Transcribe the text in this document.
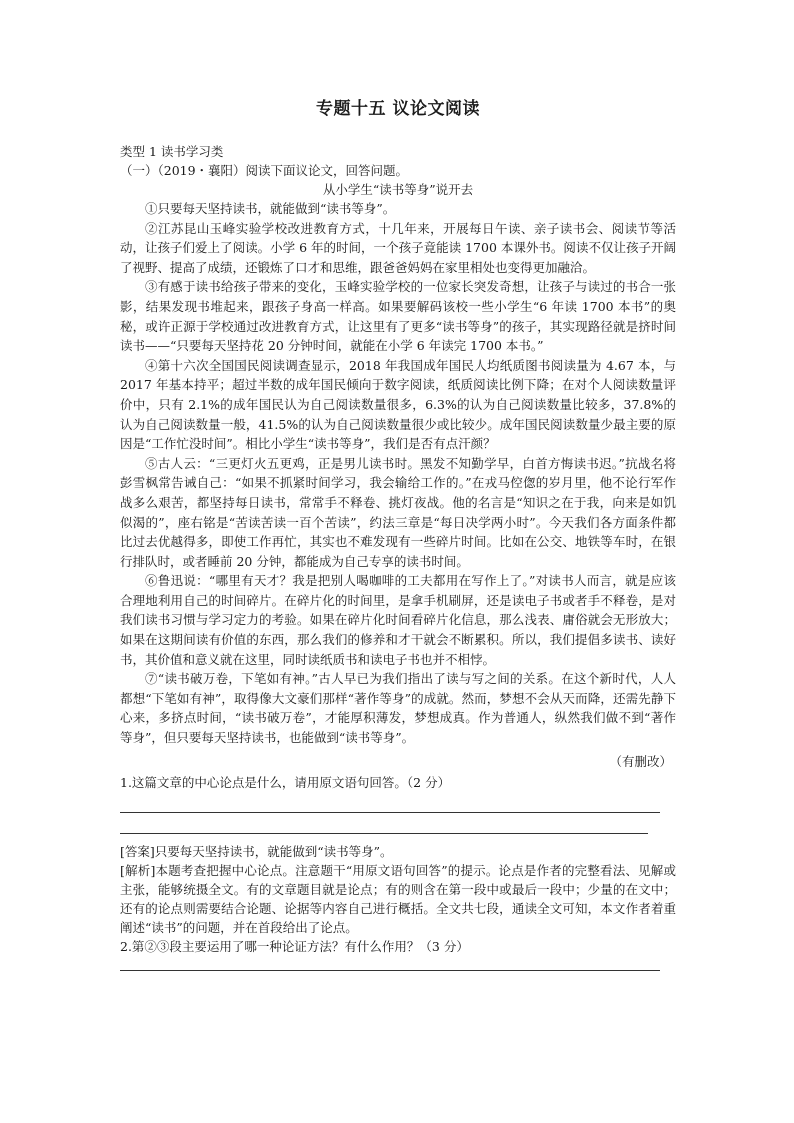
专题十五 议论文阅读

类型 1 读书学习类

（一）（2019・襄阳）阅读下面议论文，回答问题。

从小学生“读书等身”说开去

①只要每天坚持读书，就能做到“读书等身”。

②江苏昆山玉峰实验学校改进教育方式，十几年来，开展每日午读、亲子读书会、阅读节等活动，让孩子们爱上了阅读。小学 6 年的时间，一个孩子竟能读 1700 本课外书。阅读不仅让孩子开阔了视野、提高了成绩，还锻炼了口才和思维，跟爸爸妈妈在家里相处也变得更加融洽。

③有感于读书给孩子带来的变化，玉峰实验学校的一位家长突发奇想，让孩子与读过的书合一张影，结果发现书堆起来，跟孩子身高一样高。如果要解码该校一些小学生“6 年读 1700 本书”的奥秘，或许正源于学校通过改进教育方式，让这里有了更多“读书等身”的孩子，其实现路径就是挤时间读书——“只要每天坚持花 20 分钟时间，就能在小学 6 年读完 1700 本书。”

④第十六次全国国民阅读调查显示，2018 年我国成年国民人均纸质图书阅读量为 4.67 本，与 2017 年基本持平；超过半数的成年国民倾向于数字阅读，纸质阅读比例下降；在对个人阅读数量评价中，只有 2.1%的成年国民认为自己阅读数量很多，6.3%的认为自己阅读数量比较多，37.8%的认为自己阅读数量一般，41.5%的认为自己阅读数量很少或比较少。成年国民阅读数量少最主要的原因是“工作忙没时间”。相比小学生“读书等身”，我们是否有点汗颜？

⑤古人云：“三更灯火五更鸡，正是男儿读书时。黑发不知勤学早，白首方悔读书迟。”抗战名将彭雪枫常告诫自己：“如果不抓紧时间学习，我会输给工作的。”在戎马倥偬的岁月里，他不论行军作战多么艰苦，都坚持每日读书，常常手不释卷、挑灯夜战。他的名言是“知识之在于我，向来是如饥似渴的”，座右铭是“苦读苦读一百个苦读”，约法三章是“每日决学两小时”。今天我们各方面条件都比过去优越得多，即使工作再忙，其实也不难发现有一些碎片时间。比如在公交、地铁等车时，在银行排队时，或者睡前 20 分钟，都能成为自己专享的读书时间。

⑥鲁迅说：“哪里有天才？我是把别人喝咖啡的工夫都用在写作上了。”对读书人而言，就是应该合理地利用自己的时间碎片。在碎片化的时间里，是拿手机刷屏，还是读电子书或者手不释卷，是对我们读书习惯与学习定力的考验。如果在碎片化时间看碎片化信息，那么浅表、庸俗就会无形放大；如果在这期间读有价值的东西，那么我们的修养和才干就会不断累积。所以，我们提倡多读书、读好书，其价值和意义就在这里，同时读纸质书和读电子书也并不相悖。

⑦“读书破万卷，下笔如有神。”古人早已为我们指出了读与写之间的关系。在这个新时代，人人都想“下笔如有神”，取得像大文豪们那样“著作等身”的成就。然而，梦想不会从天而降，还需先静下心来，多挤点时间，“读书破万卷”，才能厚积薄发，梦想成真。作为普通人，纵然我们做不到“著作等身”，但只要每天坚持读书，也能做到“读书等身”。

（有删改）

1.这篇文章的中心论点是什么，请用原文语句回答。（2 分）

[答案]只要每天坚持读书，就能做到“读书等身”。

[解析]本题考查把握中心论点。注意题干“用原文语句回答”的提示。论点是作者的完整看法、见解或主张，能够统摄全文。有的文章题目就是论点；有的则含在第一段中或最后一段中；少量的在文中；还有的论点则需要结合论题、论据等内容自己进行概括。全文共七段，通读全文可知，本文作者着重阐述“读书”的问题，并在首段给出了论点。

2.第②③段主要运用了哪一种论证方法？有什么作用？（3 分）
